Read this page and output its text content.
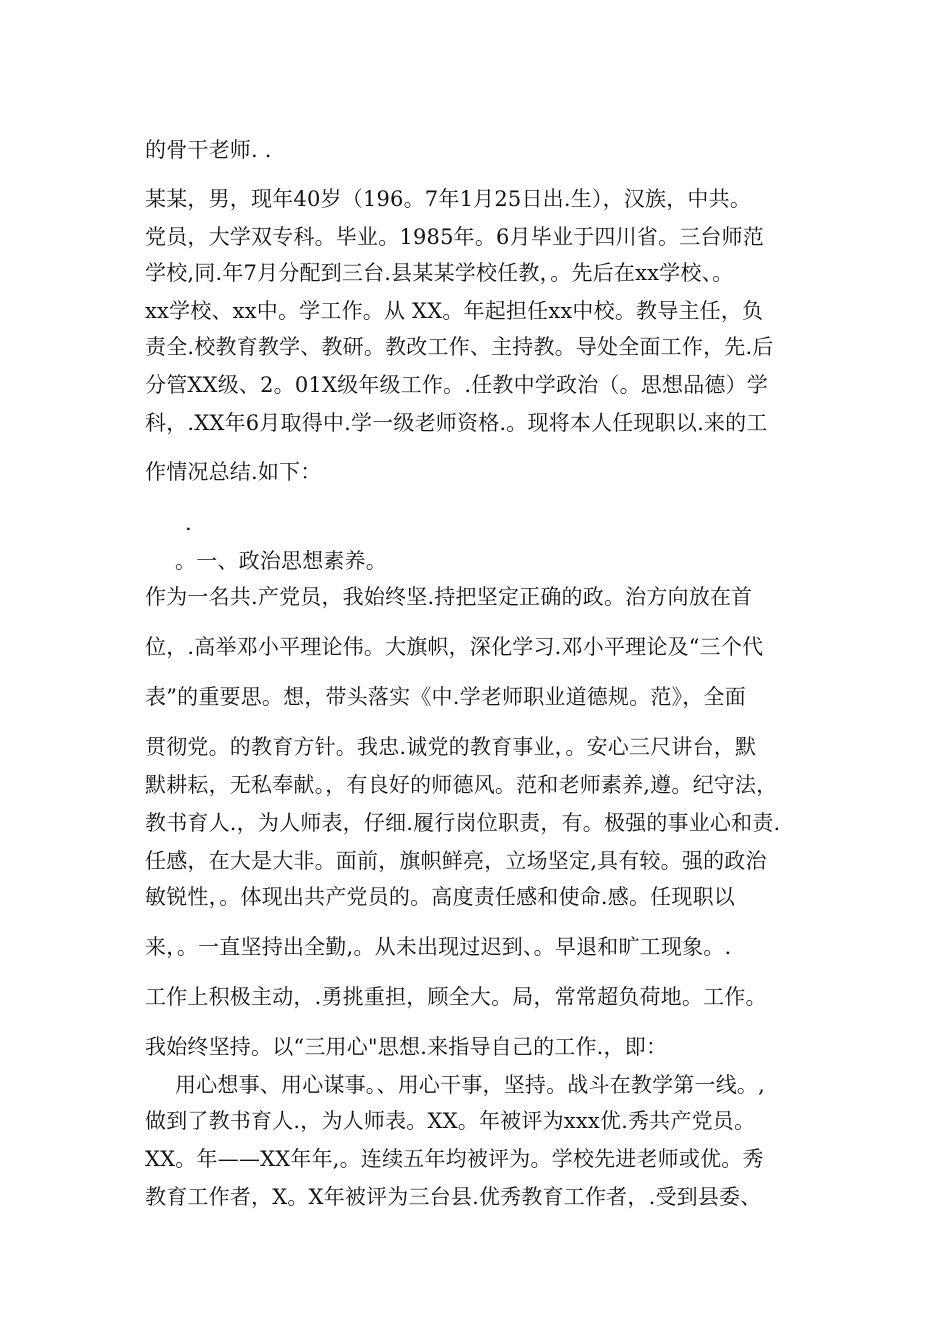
的骨干老师. .
某某，男，现年40岁（196。7年1月25日出.生），汉族，中共。
党员，大学双专科。毕业。1985年。6月毕业于四川省。三台师范
学校,同.年7月分配到三台.县某某学校任教，。先后在xx学校、。
xx学校、xx中。学工作。从 XX。年起担任xx中校。教导主任，负
责全.校教育教学、教研。教改工作、主持教。导处全面工作，先.后
分管XX级、2。01X级年级工作。.任教中学政治（。思想品德）学
科，.XX年6月取得中.学一级老师资格.。现将本人任现职以.来的工
作情况总结.如下：
.
。一、政治思想素养。
作为一名共.产党员，我始终坚.持把坚定正确的政。治方向放在首
位，.高举邓小平理论伟。大旗帜，深化学习.邓小平理论及“三个代
表”的重要思。想，带头落实《中.学老师职业道德规。范》，全面
贯彻党。的教育方针。我忠.诚党的教育事业，。安心三尺讲台，默
默耕耘，无私奉献。，有良好的师德风。范和老师素养,遵。纪守法，
教书育人.，为人师表，仔细.履行岗位职责，有。极强的事业心和责.
任感，在大是大非。面前，旗帜鲜亮，立场坚定,具有较。强的政治
敏锐性，。体现出共产党员的。高度责任感和使命.感。任现职以
来，。一直坚持出全勤,。从未出现过迟到、。早退和旷工现象。.
工作上积极主动，.勇挑重担，顾全大。局，常常超负荷地。工作。
我始终坚持。以“三用心"思想.来指导自己的工作.，即：
用心想事、用心谋事。、用心干事，坚持。战斗在教学第一线。,
做到了教书育人.，为人师表。XX。年被评为xxx优.秀共产党员。
XX。年——XX年年,。连续五年均被评为。学校先进老师或优。秀
教育工作者，X。X年被评为三台县.优秀教育工作者，.受到县委、
